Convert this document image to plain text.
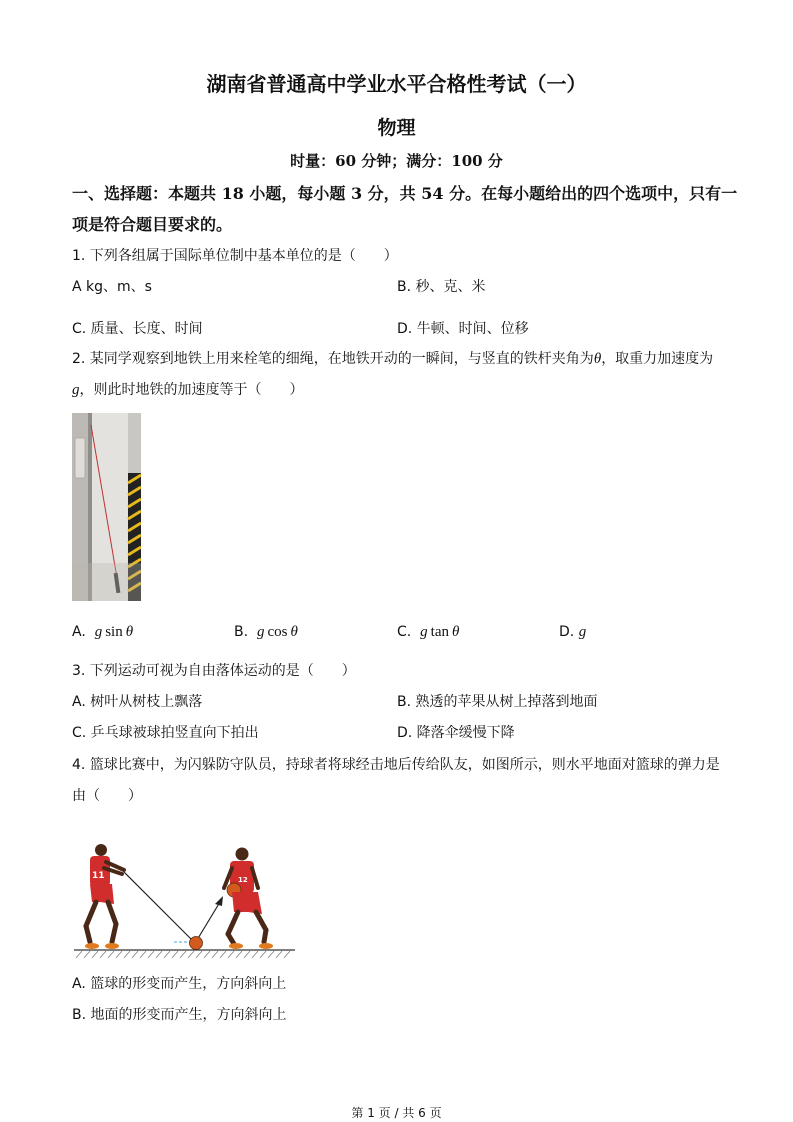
湖南省普通高中学业水平合格性考试（一）
物理
时量：60 分钟；满分：100 分
一、选择题：本题共 18 小题，每小题 3 分，共 54 分。在每小题给出的四个选项中，只有一
项是符合题目要求的。
1. 下列各组属于国际单位制中基本单位的是（　　）
A kg、m、s	B. 秒、克、米
C. 质量、长度、时间	D. 牛顿、时间、位移
2. 某同学观察到地铁上用来栓笔的细绳，在地铁开动的一瞬间，与竖直的铁杆夹角为θ，取重力加速度为
g，则此时地铁的加速度等于（　　）
A. g  sin  θ	B. g  cos  θ	C. g  tan  θ	D. g
3. 下列运动可视为自由落体运动的是（　　）
A. 树叶从树枝上飘落	B. 熟透的苹果从树上掉落到地面
C. 乒乓球被球拍竖直向下拍出	D. 降落伞缓慢下降
4. 篮球比赛中，为闪躲防守队员，持球者将球经击地后传给队友，如图所示，则水平地面对篮球的弹力是
由（　　）
11	12
A. 篮球的形变而产生，方向斜向上
B. 地面的形变而产生，方向斜向上
第 1 页 / 共 6 页
